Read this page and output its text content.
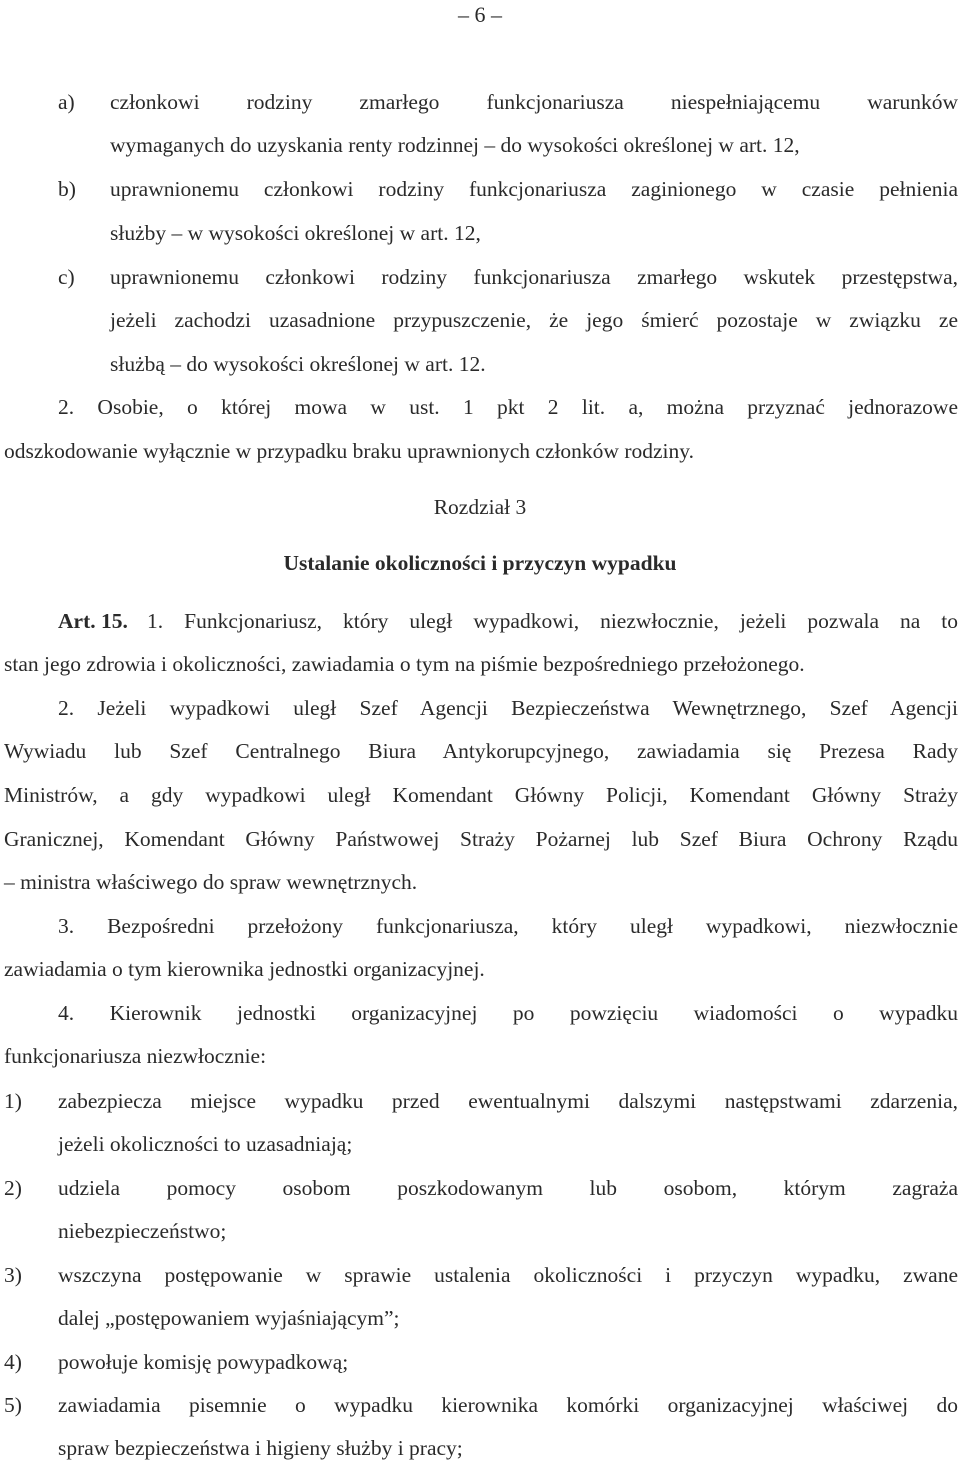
– 6 –
a) członkowi rodziny zmarłego funkcjonariusza niespełniającemu warunków
wymaganych do uzyskania renty rodzinnej – do wysokości określonej w art. 12,
b) uprawnionemu członkowi rodziny funkcjonariusza zaginionego w czasie pełnienia
służby – w wysokości określonej w art. 12,
c) uprawnionemu członkowi rodziny funkcjonariusza zmarłego wskutek przestępstwa,
jeżeli zachodzi uzasadnione przypuszczenie, że jego śmierć pozostaje w związku ze
służbą – do wysokości określonej w art. 12.
2. Osobie, o której mowa w ust. 1 pkt 2 lit. a, można przyznać jednorazowe
odszkodowanie wyłącznie w przypadku braku uprawnionych członków rodziny.
Rozdział 3
Ustalanie okoliczności i przyczyn wypadku
Art. 15. 1. Funkcjonariusz, który uległ wypadkowi, niezwłocznie, jeżeli pozwala na to
stan jego zdrowia i okoliczności, zawiadamia o tym na piśmie bezpośredniego przełożonego.
2. Jeżeli wypadkowi uległ Szef Agencji Bezpieczeństwa Wewnętrznego, Szef Agencji
Wywiadu lub Szef Centralnego Biura Antykorupcyjnego, zawiadamia się Prezesa Rady
Ministrów, a gdy wypadkowi uległ Komendant Główny Policji, Komendant Główny Straży
Granicznej, Komendant Główny Państwowej Straży Pożarnej lub Szef Biura Ochrony Rządu
– ministra właściwego do spraw wewnętrznych.
3. Bezpośredni przełożony funkcjonariusza, który uległ wypadkowi, niezwłocznie
zawiadamia o tym kierownika jednostki organizacyjnej.
4. Kierownik jednostki organizacyjnej po powzięciu wiadomości o wypadku
funkcjonariusza niezwłocznie:
1) zabezpiecza miejsce wypadku przed ewentualnymi dalszymi następstwami zdarzenia,
jeżeli okoliczności to uzasadniają;
2) udziela pomocy osobom poszkodowanym lub osobom, którym zagraża
niebezpieczeństwo;
3) wszczyna postępowanie w sprawie ustalenia okoliczności i przyczyn wypadku, zwane
dalej „postępowaniem wyjaśniającym”;
4) powołuje komisję powypadkową;
5) zawiadamia pisemnie o wypadku kierownika komórki organizacyjnej właściwej do
spraw bezpieczeństwa i higieny służby i pracy;
